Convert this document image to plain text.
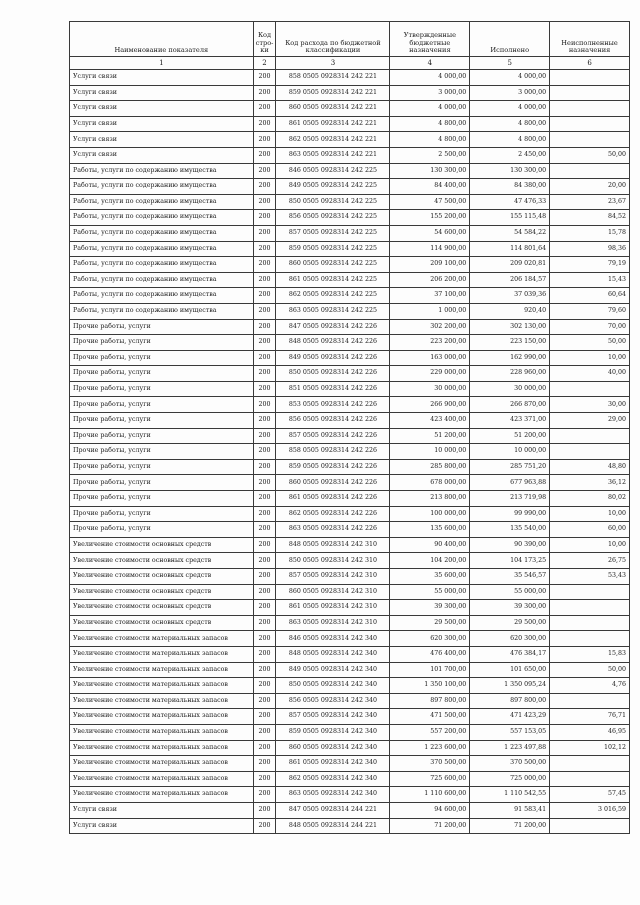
Наименование показателя	Код стро-ки	Код расхода по бюджетной классификации	Утвержденные бюджетные назначения	Исполнено	Неисполненные назначения
1	2	3	4	5	6
Услуги связи	200	858 0505 0928314 242 221	4 000,00	4 000,00	
Услуги связи	200	859 0505 0928314 242 221	3 000,00	3 000,00	
Услуги связи	200	860 0505 0928314 242 221	4 000,00	4 000,00	
Услуги связи	200	861 0505 0928314 242 221	4 800,00	4 800,00	
Услуги связи	200	862 0505 0928314 242 221	4 800,00	4 800,00	
Услуги связи	200	863 0505 0928314 242 221	2 500,00	2 450,00	50,00
Работы, услуги по содержанию имущества	200	846 0505 0928314 242 225	130 300,00	130 300,00	
Работы, услуги по содержанию имущества	200	849 0505 0928314 242 225	84 400,00	84 380,00	20,00
Работы, услуги по содержанию имущества	200	850 0505 0928314 242 225	47 500,00	47 476,33	23,67
Работы, услуги по содержанию имущества	200	856 0505 0928314 242 225	155 200,00	155 115,48	84,52
Работы, услуги по содержанию имущества	200	857 0505 0928314 242 225	54 600,00	54 584,22	15,78
Работы, услуги по содержанию имущества	200	859 0505 0928314 242 225	114 900,00	114 801,64	98,36
Работы, услуги по содержанию имущества	200	860 0505 0928314 242 225	209 100,00	209 020,81	79,19
Работы, услуги по содержанию имущества	200	861 0505 0928314 242 225	206 200,00	206 184,57	15,43
Работы, услуги по содержанию имущества	200	862 0505 0928314 242 225	37 100,00	37 039,36	60,64
Работы, услуги по содержанию имущества	200	863 0505 0928314 242 225	1 000,00	920,40	79,60
Прочие работы, услуги	200	847 0505 0928314 242 226	302 200,00	302 130,00	70,00
Прочие работы, услуги	200	848 0505 0928314 242 226	223 200,00	223 150,00	50,00
Прочие работы, услуги	200	849 0505 0928314 242 226	163 000,00	162 990,00	10,00
Прочие работы, услуги	200	850 0505 0928314 242 226	229 000,00	228 960,00	40,00
Прочие работы, услуги	200	851 0505 0928314 242 226	30 000,00	30 000,00	
Прочие работы, услуги	200	853 0505 0928314 242 226	266 900,00	266 870,00	30,00
Прочие работы, услуги	200	856 0505 0928314 242 226	423 400,00	423 371,00	29,00
Прочие работы, услуги	200	857 0505 0928314 242 226	51 200,00	51 200,00	
Прочие работы, услуги	200	858 0505 0928314 242 226	10 000,00	10 000,00	
Прочие работы, услуги	200	859 0505 0928314 242 226	285 800,00	285 751,20	48,80
Прочие работы, услуги	200	860 0505 0928314 242 226	678 000,00	677 963,88	36,12
Прочие работы, услуги	200	861 0505 0928314 242 226	213 800,00	213 719,98	80,02
Прочие работы, услуги	200	862 0505 0928314 242 226	100 000,00	99 990,00	10,00
Прочие работы, услуги	200	863 0505 0928314 242 226	135 600,00	135 540,00	60,00
Увеличение стоимости основных средств	200	848 0505 0928314 242 310	90 400,00	90 390,00	10,00
Увеличение стоимости основных средств	200	850 0505 0928314 242 310	104 200,00	104 173,25	26,75
Увеличение стоимости основных средств	200	857 0505 0928314 242 310	35 600,00	35 546,57	53,43
Увеличение стоимости основных средств	200	860 0505 0928314 242 310	55 000,00	55 000,00	
Увеличение стоимости основных средств	200	861 0505 0928314 242 310	39 300,00	39 300,00	
Увеличение стоимости основных средств	200	863 0505 0928314 242 310	29 500,00	29 500,00	
Увеличение стоимости материальных запасов	200	846 0505 0928314 242 340	620 300,00	620 300,00	
Увеличение стоимости материальных запасов	200	848 0505 0928314 242 340	476 400,00	476 384,17	15,83
Увеличение стоимости материальных запасов	200	849 0505 0928314 242 340	101 700,00	101 650,00	50,00
Увеличение стоимости материальных запасов	200	850 0505 0928314 242 340	1 350 100,00	1 350 095,24	4,76
Увеличение стоимости материальных запасов	200	856 0505 0928314 242 340	897 800,00	897 800,00	
Увеличение стоимости материальных запасов	200	857 0505 0928314 242 340	471 500,00	471 423,29	76,71
Увеличение стоимости материальных запасов	200	859 0505 0928314 242 340	557 200,00	557 153,05	46,95
Увеличение стоимости материальных запасов	200	860 0505 0928314 242 340	1 223 600,00	1 223 497,88	102,12
Увеличение стоимости материальных запасов	200	861 0505 0928314 242 340	370 500,00	370 500,00	
Увеличение стоимости материальных запасов	200	862 0505 0928314 242 340	725 600,00	725 000,00	
Увеличение стоимости материальных запасов	200	863 0505 0928314 242 340	1 110 600,00	1 110 542,55	57,45
Услуги связи	200	847 0505 0928314 244 221	94 600,00	91 583,41	3 016,59
Услуги связи	200	848 0505 0928314 244 221	71 200,00	71 200,00	
